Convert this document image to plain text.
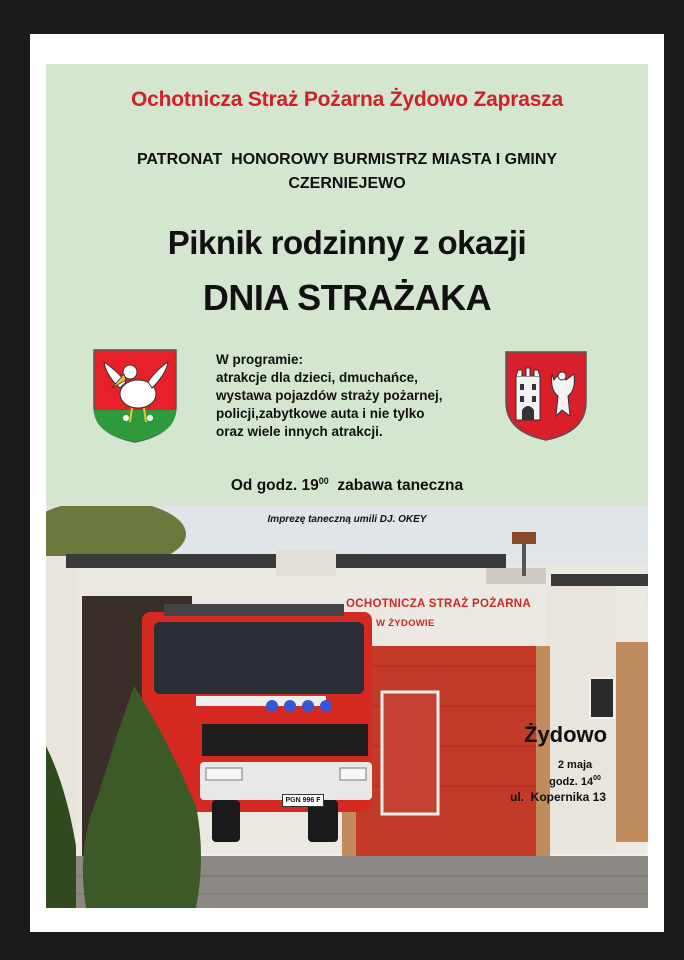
Ochotnicza Straż Pożarna Żydowo Zaprasza
PATRONAT  HONOROWY BURMISTRZ MIASTA I GMINY
CZERNIEJEWO
Piknik rodzinny z okazji
DNIA STRAŻAKA
W programie:
atrakcje dla dzieci, dmuchańce,
wystawa pojazdów straży pożarnej,
policji,zabytkowe auta i nie tylko
oraz wiele innych atrakcji.
Od godz. $19^{00}$ zabawa taneczna
Imprezę taneczną umili DJ. OKEY
OCHOTNICZA STRAŻ POŻARNA
W ŻYDOWIE
PGN 996 F
Żydowo
2 maja
godz. $14^{00}$
ul.  Kopernika 13
